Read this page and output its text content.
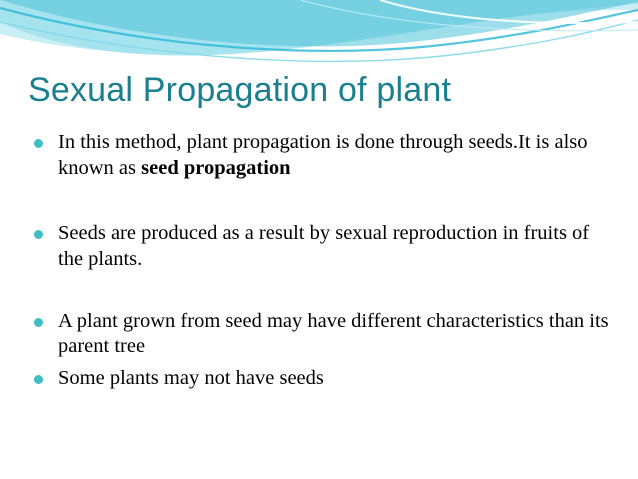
Sexual Propagation of plant
In this method, plant propagation is done through seeds.It is also known as seed propagation
Seeds are produced as a result by sexual reproduction in fruits of the plants.
A plant grown from seed may have different characteristics than its parent tree
Some plants may not have seeds
